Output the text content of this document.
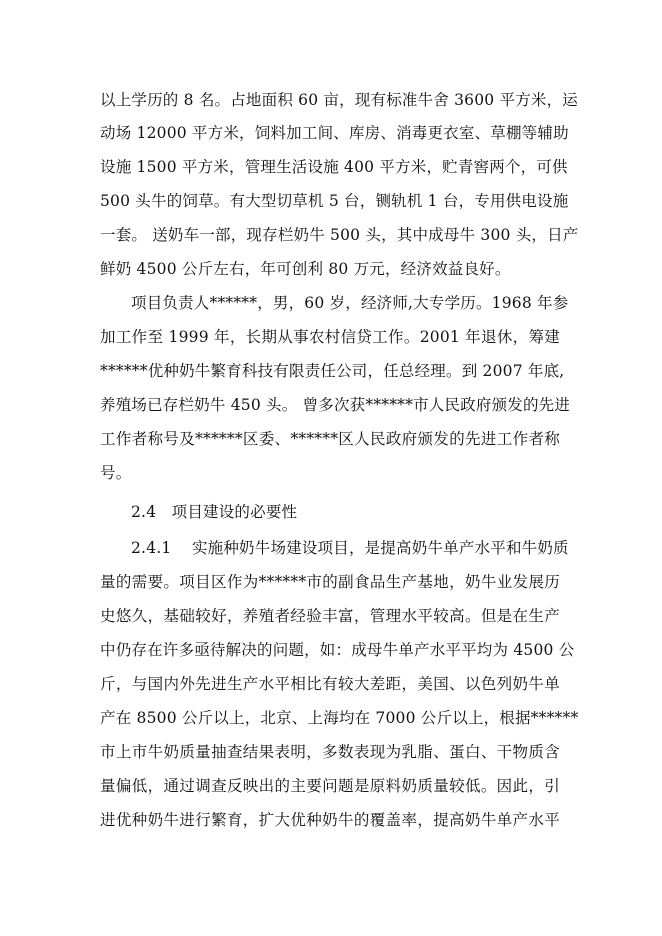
以上学历的 8 名。占地面积 60 亩，现有标准牛舍 3600 平方米，运
动场 12000 平方米，饲料加工间、库房、消毒更衣室、草棚等辅助
设施 1500 平方米，管理生活设施 400 平方米，贮青窖两个，可供
500 头牛的饲草。有大型切草机 5 台，铡轨机 1 台，专用供电设施
一套。 送奶车一部，现存栏奶牛 500 头，其中成母牛 300 头，日产
鲜奶 4500 公斤左右，年可创利 80 万元，经济效益良好。
项目负责人******，男，60 岁，经济师,大专学历。1968 年参
加工作至 1999 年，长期从事农村信贷工作。2001 年退休，筹建
******优种奶牛繁育科技有限责任公司，任总经理。到 2007 年底,
养殖场已存栏奶牛 450 头。 曾多次获******市人民政府颁发的先进
工作者称号及******区委、******区人民政府颁发的先进工作者称
号。
2.4   项目建设的必要性
2.4.1    实施种奶牛场建设项目，是提高奶牛单产水平和牛奶质
量的需要。项目区作为******市的副食品生产基地，奶牛业发展历
史悠久，基础较好，养殖者经验丰富，管理水平较高。但是在生产
中仍存在许多亟待解决的问题，如：成母牛单产水平平均为 4500 公
斤，与国内外先进生产水平相比有较大差距，美国、以色列奶牛单
产在 8500 公斤以上，北京、上海均在 7000 公斤以上，根据******
市上市牛奶质量抽查结果表明，多数表现为乳脂、蛋白、干物质含
量偏低，通过调查反映出的主要问题是原料奶质量较低。因此，引
进优种奶牛进行繁育，扩大优种奶牛的覆盖率，提高奶牛单产水平
